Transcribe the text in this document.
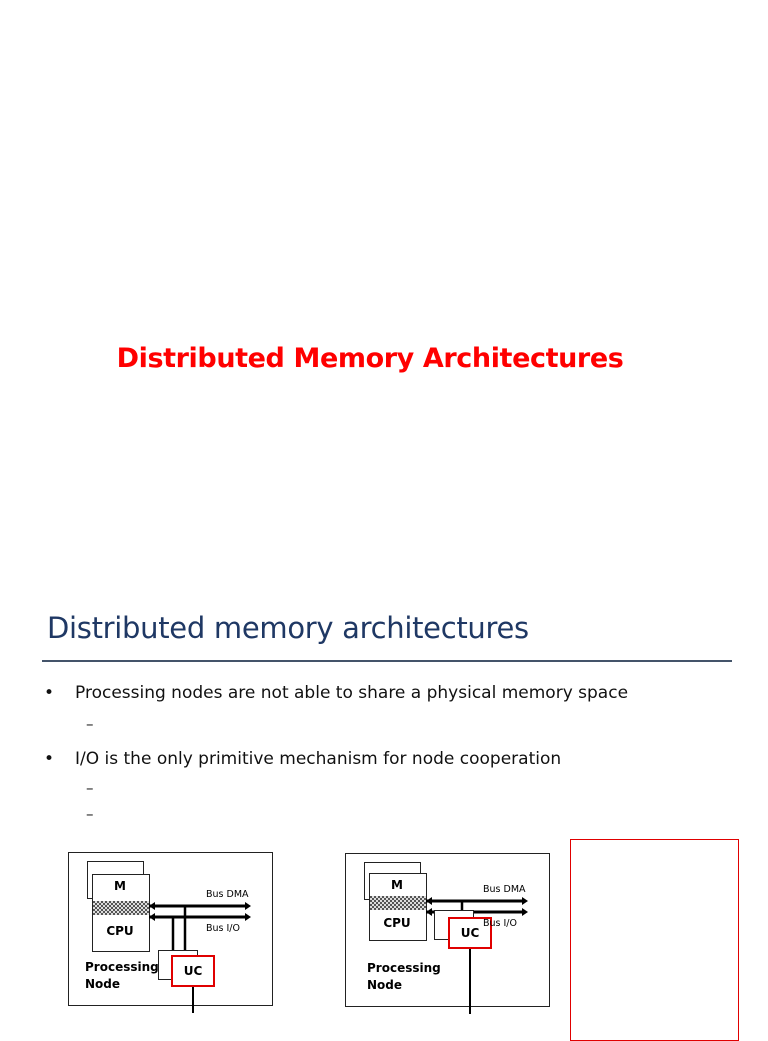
Distributed Memory Architectures
Distributed memory architectures
• Processing nodes are not able to share a physical memory space
–
• I/O is the only primitive mechanism for node cooperation
–
–
M
CPU
UC
Bus DMA
Bus I/O
Processing
Node
M
CPU
UC
Bus DMA
Bus I/O
Processing
Node
